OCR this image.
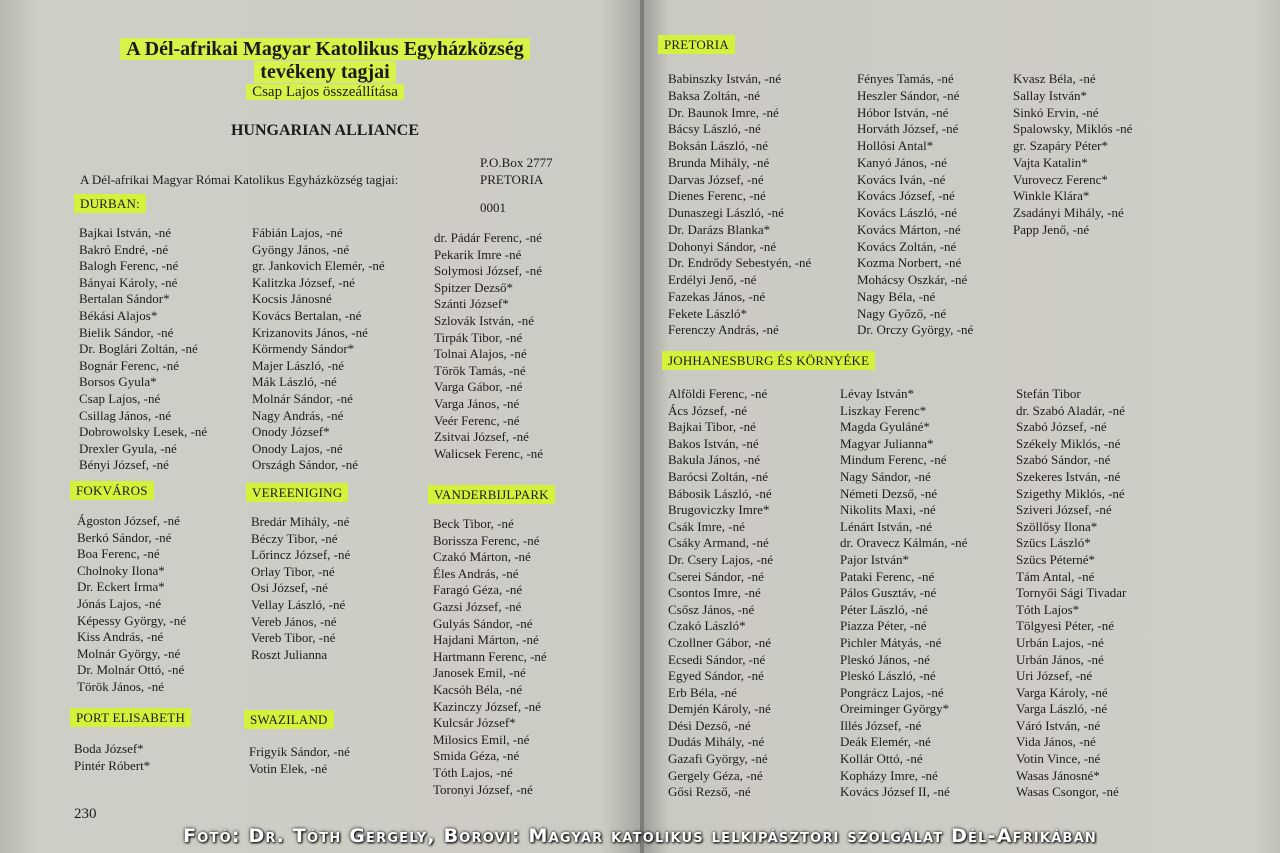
A Dél-afrikai Magyar Katolikus Egyházközség
tevékeny tagjai
Csap Lajos összeállítása
HUNGARIAN ALLIANCE
P.O.Box 2777
A Dél-afrikai Magyar Római Katolikus Egyházközség tagjai:	PRETORIA
0001
DURBAN:
Bajkai István, -né
Bakró Endré, -né
Balogh Ferenc, -né
Bányai Károly, -né
Bertalan Sándor*
Békási Alajos*
Bielik Sándor, -né
Dr. Boglári Zoltán, -né
Bognár Ferenc, -né
Borsos Gyula*
Csap Lajos, -né
Csillag János, -né
Dobrowolsky Lesek, -né
Drexler Gyula, -né
Bényi József, -né
Fábián Lajos, -né
Gyöngy János, -né
gr. Jankovich Elemér, -né
Kalitzka József, -né
Kocsis Jánosné
Kovács Bertalan, -né
Krizanovits János, -né
Körmendy Sándor*
Majer László, -né
Mák László, -né
Molnár Sándor, -né
Nagy András, -né
Onody József*
Onody Lajos, -né
Országh Sándor, -né
dr. Pádár Ferenc, -né
Pekarik Imre -né
Solymosi József, -né
Spitzer Dezső*
Szánti József*
Szlovák István, -né
Tirpák Tibor, -né
Tolnai Alajos, -né
Török Tamás, -né
Varga Gábor, -né
Varga János, -né
Veér Ferenc, -né
Zsitvai József, -né
Walicsek Ferenc, -né
FOKVÁROS
Ágoston József, -né
Berkó Sándor, -né
Boa Ferenc, -né
Cholnoky Ilona*
Dr. Eckert Irma*
Jónás Lajos, -né
Képessy György, -né
Kiss András, -né
Molnár György, -né
Dr. Molnár Ottó, -né
Török János, -né
VEREENIGING
Bredár Mihály, -né
Béczy Tibor, -né
Lőrincz József, -né
Orlay Tibor, -né
Osi József, -né
Vellay László, -né
Vereb János, -né
Vereb Tibor, -né
Roszt Julianna
VANDERBIJLPARK
Beck Tibor, -né
Borissza Ferenc, -né
Czakó Márton, -né
Éles András, -né
Faragó Géza, -né
Gazsi József, -né
Gulyás Sándor, -né
Hajdani Márton, -né
Hartmann Ferenc, -né
Janosek Emil, -né
Kacsóh Béla, -né
Kazinczy József, -né
Kulcsár József*
Milosics Emil, -né
Smida Géza, -né
Tóth Lajos, -né
Toronyi József, -né
PORT ELISABETH
Boda József*
Pintér Róbert*
SWAZILAND
Frigyik Sándor, -né
Votin Elek, -né
230
PRETORIA
Babinszky István, -né
Baksa Zoltán, -né
Dr. Baunok Imre, -né
Bácsy László, -né
Boksán László, -né
Brunda Mihály, -né
Darvas József, -né
Dienes Ferenc, -né
Dunaszegi László, -né
Dr. Darázs Blanka*
Dohonyi Sándor, -né
Dr. Endrődy Sebestyén, -né
Erdélyi Jenő, -né
Fazekas János, -né
Fekete László*
Ferenczy András, -né
Fényes Tamás, -né
Heszler Sándor, -né
Hóbor István, -né
Horváth József, -né
Hollósi Antal*
Kanyó János, -né
Kovács Iván, -né
Kovács József, -né
Kovács László, -né
Kovács Márton, -né
Kovács Zoltán, -né
Kozma Norbert, -né
Mohácsy Oszkár, -né
Nagy Béla, -né
Nagy Győző, -né
Dr. Orczy György, -né
Kvasz Béla, -né
Sallay István*
Sinkó Ervin, -né
Spalowsky, Miklós -né
gr. Szapáry Péter*
Vajta Katalin*
Vurovecz Ferenc*
Winkle Klára*
Zsadányi Mihály, -né
Papp Jenő, -né
JOHHANESBURG ÉS KÖRNYÉKE
Alföldi Ferenc, -né
Ács József, -né
Bajkai Tibor, -né
Bakos István, -né
Bakula János, -né
Barócsi Zoltán, -né
Bábosik László, -né
Brugoviczky Imre*
Csák Imre, -né
Csáky Armand, -né
Dr. Csery Lajos, -né
Cserei Sándor, -né
Csontos Imre, -né
Csősz János, -né
Czakó László*
Czollner Gábor, -né
Ecsedi Sándor, -né
Egyed Sándor, -né
Erb Béla, -né
Demjén Károly, -né
Dési Dezső, -né
Dudás Mihály, -né
Gazafi György, -né
Gergely Géza, -né
Gősi Rezső, -né
Lévay István*
Liszkay Ferenc*
Magda Gyuláné*
Magyar Julianna*
Mindum Ferenc, -né
Nagy Sándor, -né
Németi Dezső, -né
Nikolits Maxi, -né
Lénárt István, -né
dr. Oravecz Kálmán, -né
Pajor István*
Pataki Ferenc, -né
Pálos Gusztáv, -né
Péter László, -né
Piazza Péter, -né
Pichler Mátyás, -né
Pleskó János, -né
Pleskó László, -né
Pongrácz Lajos, -né
Oreiminger György*
Illés József, -né
Deák Elemér, -né
Kollár Ottó, -né
Kopházy Imre, -né
Kovács József II, -né
Stefán Tibor
dr. Szabó Aladár, -né
Szabó József, -né
Székely Miklós, -né
Szabó Sándor, -né
Szekeres István, -né
Szigethy Miklós, -né
Sziveri József, -né
Szöllősy Ilona*
Szücs László*
Szücs Péterné*
Tám Antal, -né
Tornyői Sági Tivadar
Tóth Lajos*
Tölgyesi Péter, -né
Urbán Lajos, -né
Urbán János, -né
Uri József, -né
Varga Károly, -né
Varga László, -né
Váró István, -né
Vida János, -né
Votin Vince, -né
Wasas Jánosné*
Wasas Csongor, -né
Fotó: Dr. Tóth Gergely, Borovi: Magyar katolikus lelkipásztori szolgálat Dél-Afrikában
